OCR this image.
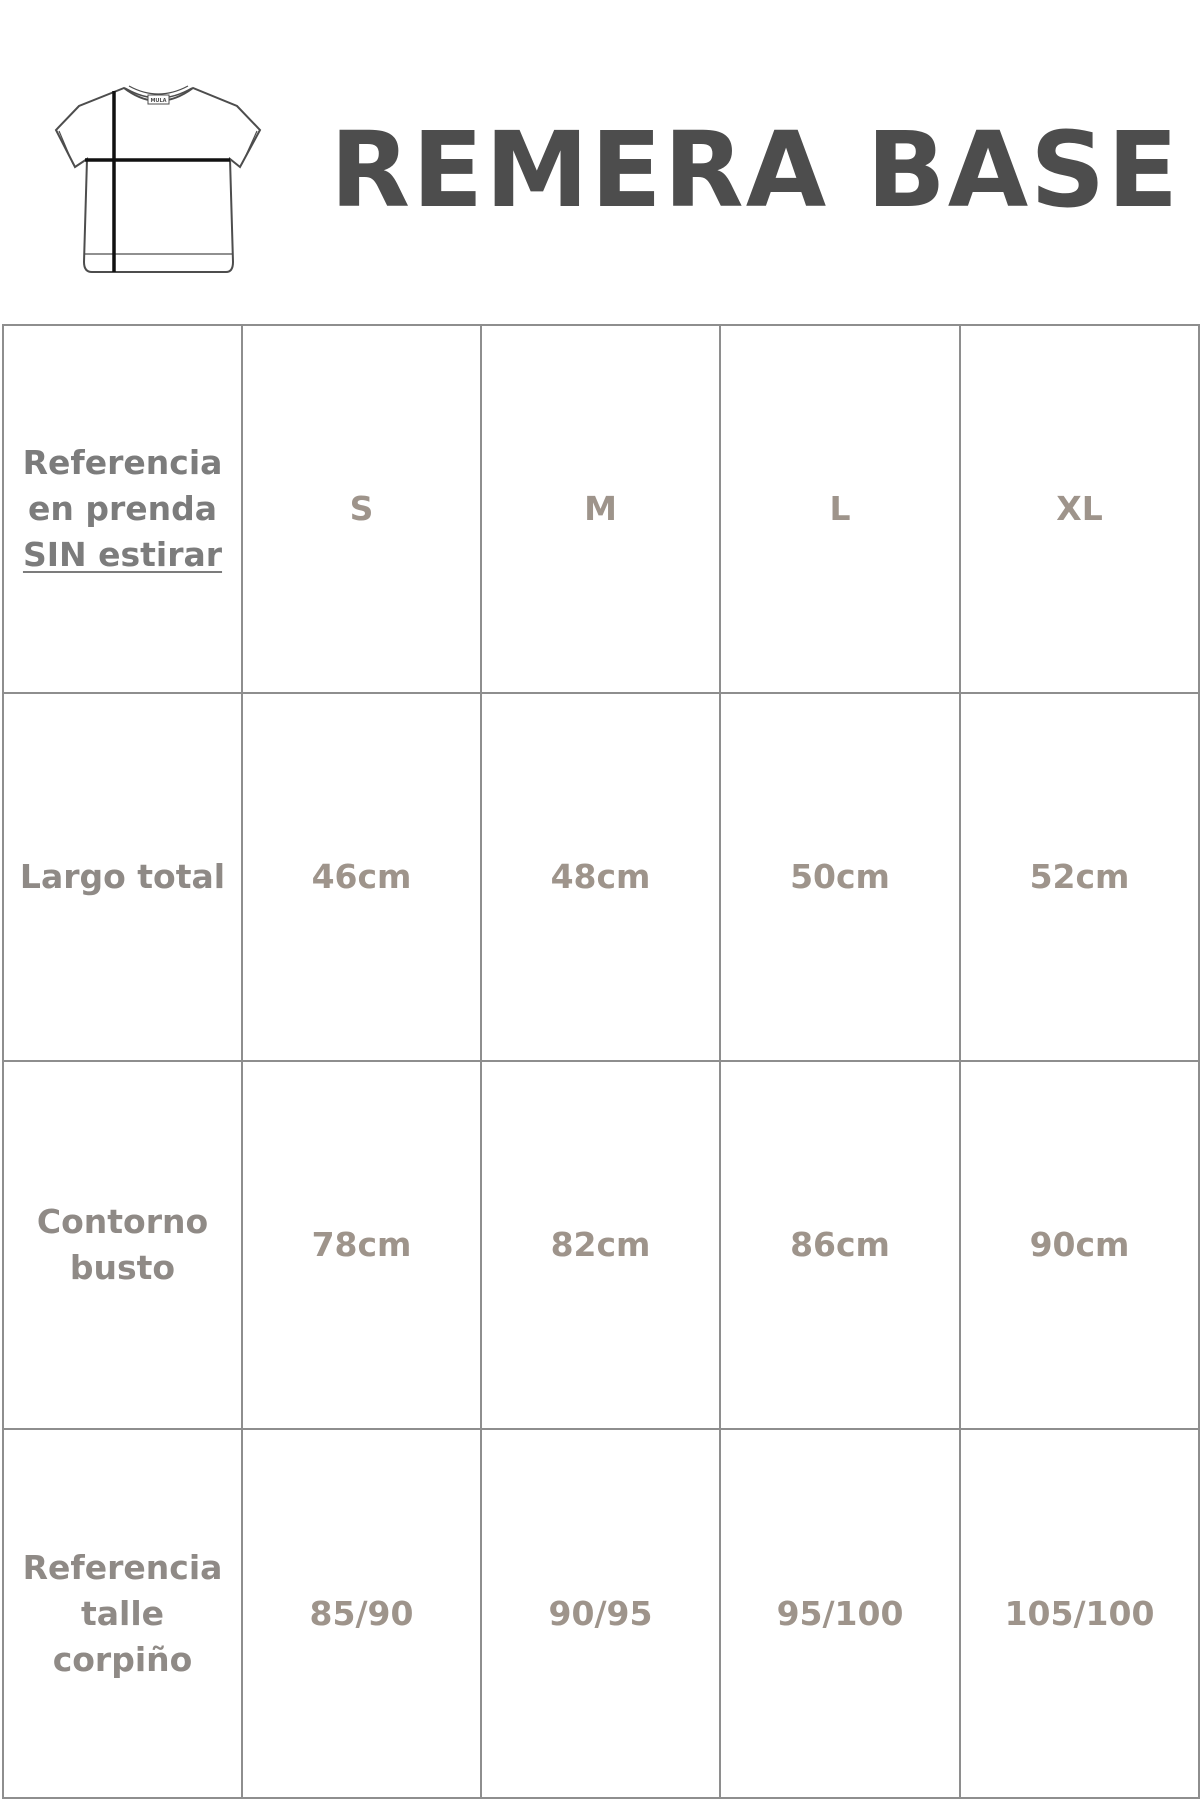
MULA
REMERA BASE
Referencia
en prenda
SIN estirar	S	M	L	XL

Largo total	46cm	48cm	50cm	52cm

Contorno
busto	78cm	82cm	86cm	90cm

Referencia
talle corpiño	85/90	90/95	95/100	105/100
